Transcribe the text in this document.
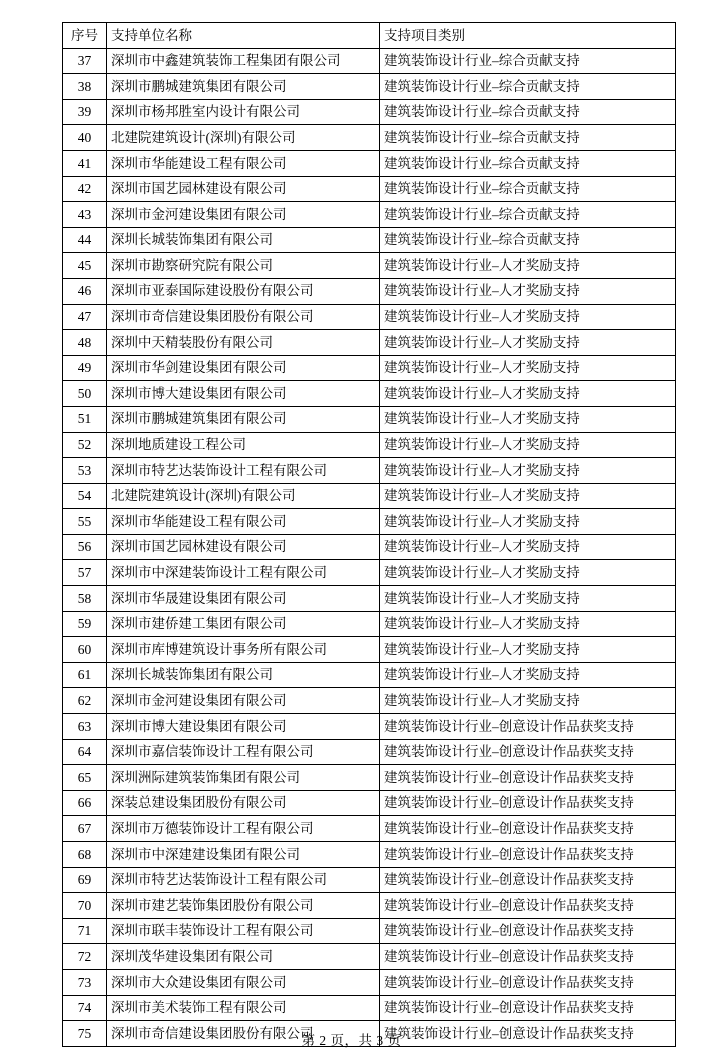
序号	支持单位名称	支持项目类别
37	深圳市中鑫建筑装饰工程集团有限公司	建筑装饰设计行业–综合贡献支持
38	深圳市鹏城建筑集团有限公司	建筑装饰设计行业–综合贡献支持
39	深圳市杨邦胜室内设计有限公司	建筑装饰设计行业–综合贡献支持
40	北建院建筑设计(深圳)有限公司	建筑装饰设计行业–综合贡献支持
41	深圳市华能建设工程有限公司	建筑装饰设计行业–综合贡献支持
42	深圳市国艺园林建设有限公司	建筑装饰设计行业–综合贡献支持
43	深圳市金河建设集团有限公司	建筑装饰设计行业–综合贡献支持
44	深圳长城装饰集团有限公司	建筑装饰设计行业–综合贡献支持
45	深圳市勘察研究院有限公司	建筑装饰设计行业–人才奖励支持
46	深圳市亚泰国际建设股份有限公司	建筑装饰设计行业–人才奖励支持
47	深圳市奇信建设集团股份有限公司	建筑装饰设计行业–人才奖励支持
48	深圳中天精装股份有限公司	建筑装饰设计行业–人才奖励支持
49	深圳市华剑建设集团有限公司	建筑装饰设计行业–人才奖励支持
50	深圳市博大建设集团有限公司	建筑装饰设计行业–人才奖励支持
51	深圳市鹏城建筑集团有限公司	建筑装饰设计行业–人才奖励支持
52	深圳地质建设工程公司	建筑装饰设计行业–人才奖励支持
53	深圳市特艺达装饰设计工程有限公司	建筑装饰设计行业–人才奖励支持
54	北建院建筑设计(深圳)有限公司	建筑装饰设计行业–人才奖励支持
55	深圳市华能建设工程有限公司	建筑装饰设计行业–人才奖励支持
56	深圳市国艺园林建设有限公司	建筑装饰设计行业–人才奖励支持
57	深圳市中深建装饰设计工程有限公司	建筑装饰设计行业–人才奖励支持
58	深圳市华晟建设集团有限公司	建筑装饰设计行业–人才奖励支持
59	深圳市建侨建工集团有限公司	建筑装饰设计行业–人才奖励支持
60	深圳市库博建筑设计事务所有限公司	建筑装饰设计行业–人才奖励支持
61	深圳长城装饰集团有限公司	建筑装饰设计行业–人才奖励支持
62	深圳市金河建设集团有限公司	建筑装饰设计行业–人才奖励支持
63	深圳市博大建设集团有限公司	建筑装饰设计行业–创意设计作品获奖支持
64	深圳市嘉信装饰设计工程有限公司	建筑装饰设计行业–创意设计作品获奖支持
65	深圳洲际建筑装饰集团有限公司	建筑装饰设计行业–创意设计作品获奖支持
66	深装总建设集团股份有限公司	建筑装饰设计行业–创意设计作品获奖支持
67	深圳市万德装饰设计工程有限公司	建筑装饰设计行业–创意设计作品获奖支持
68	深圳市中深建建设集团有限公司	建筑装饰设计行业–创意设计作品获奖支持
69	深圳市特艺达装饰设计工程有限公司	建筑装饰设计行业–创意设计作品获奖支持
70	深圳市建艺装饰集团股份有限公司	建筑装饰设计行业–创意设计作品获奖支持
71	深圳市联丰装饰设计工程有限公司	建筑装饰设计行业–创意设计作品获奖支持
72	深圳茂华建设集团有限公司	建筑装饰设计行业–创意设计作品获奖支持
73	深圳市大众建设集团有限公司	建筑装饰设计行业–创意设计作品获奖支持
74	深圳市美术装饰工程有限公司	建筑装饰设计行业–创意设计作品获奖支持
75	深圳市奇信建设集团股份有限公司	建筑装饰设计行业–创意设计作品获奖支持
第 2 页，共 3 页
